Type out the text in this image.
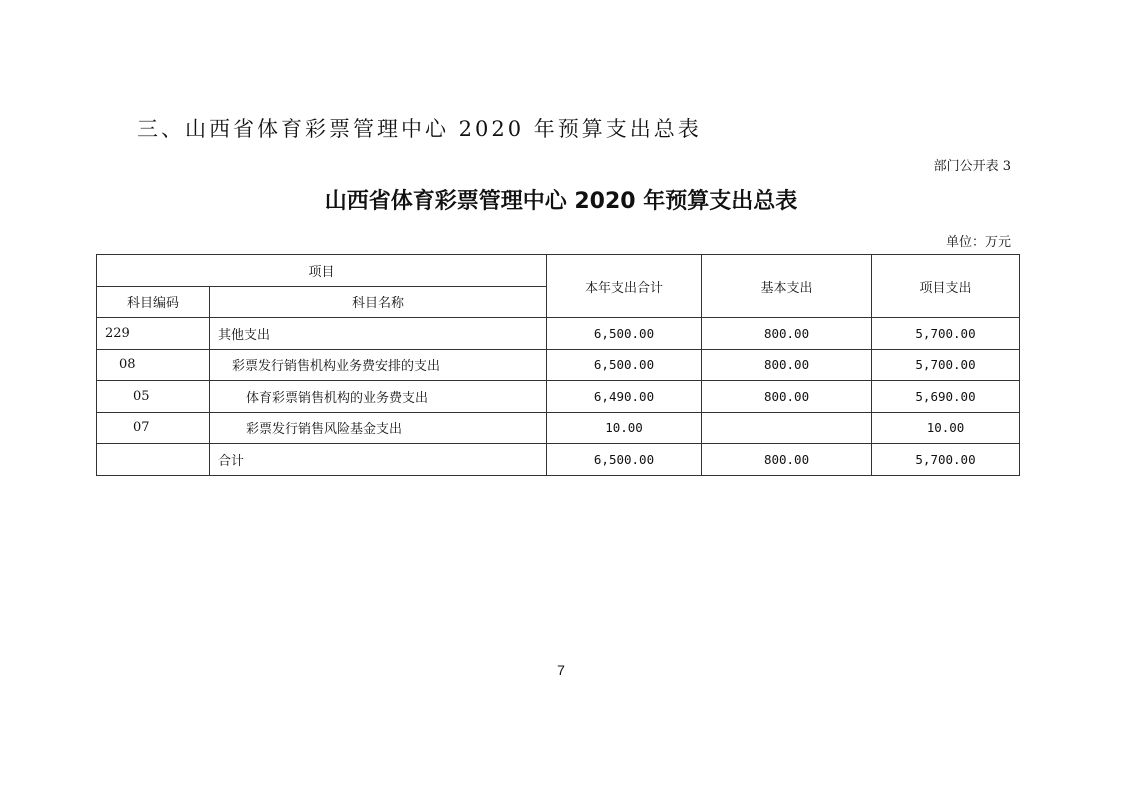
三、山西省体育彩票管理中心 2020 年预算支出总表
部门公开表 3
山西省体育彩票管理中心 2020 年预算支出总表
单位：万元
项目		本年支出合计	基本支出	项目支出
科目编码	科目名称			
229	其他支出	6,500.00	800.00	5,700.00
08	彩票发行销售机构业务费安排的支出	6,500.00	800.00	5,700.00
05	体育彩票销售机构的业务费支出	6,490.00	800.00	5,690.00
07	彩票发行销售风险基金支出	10.00		10.00
	合计	6,500.00	800.00	5,700.00
7
